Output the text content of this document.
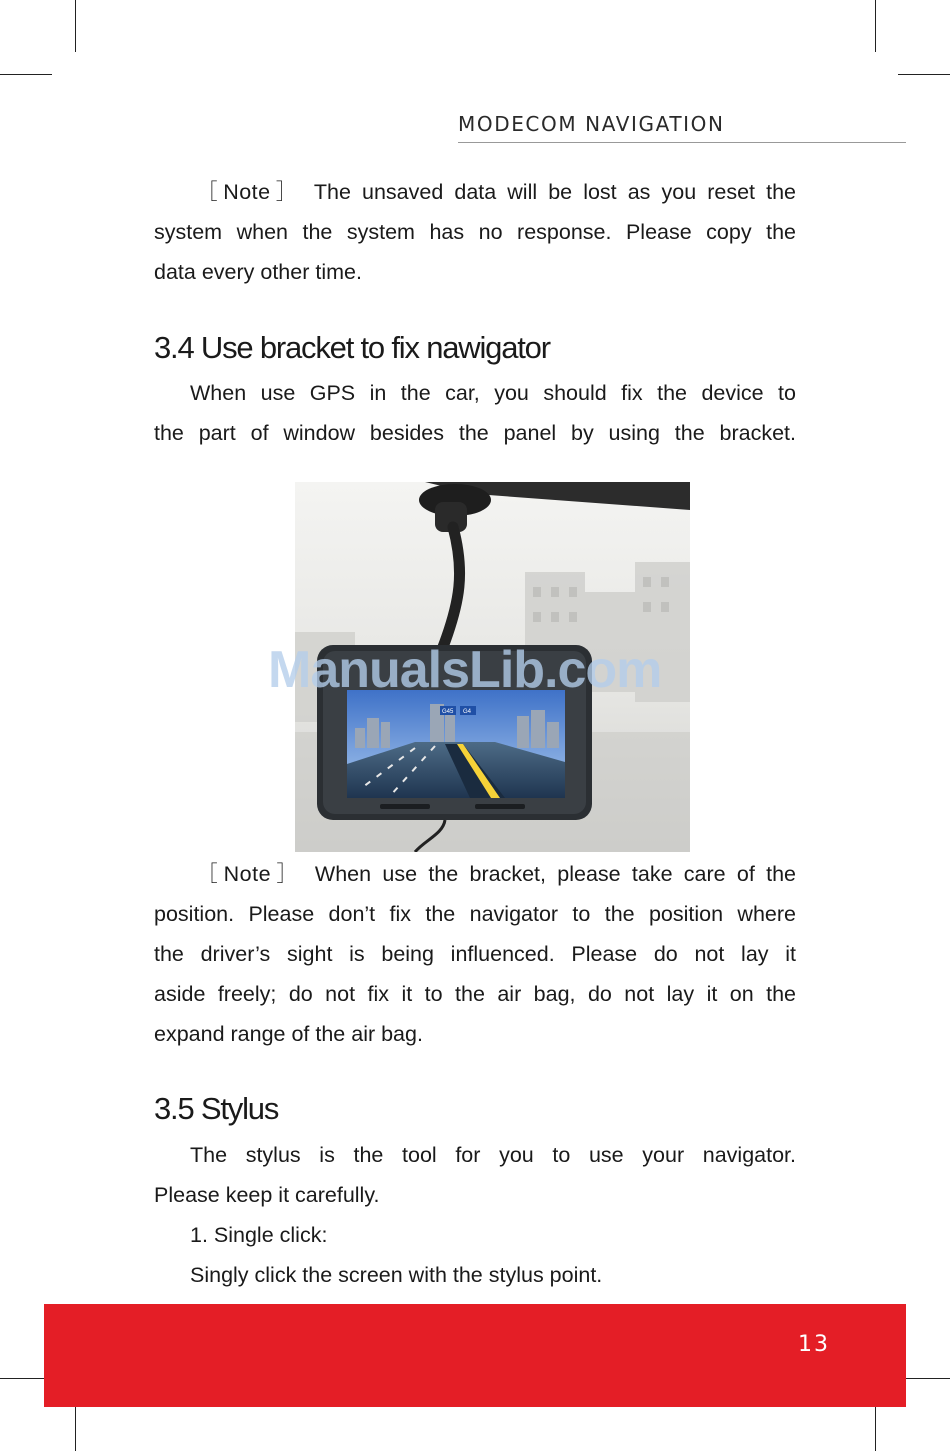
MODECOM NAVIGATION
［Note］ The unsaved data will be lost as you reset the
system when the system has no response. Please copy the
data every other time.
3.4 Use bracket to fix nawigator
When use GPS in the car, you should fix the device to
the part of window besides the panel by using the bracket.
G45 G4
ManualsLib.com
［Note］ When use the bracket, please take care of the
position. Please don’t fix the navigator to the position where
the driver’s sight is being influenced. Please do not lay it
aside freely; do not fix it to the air bag, do not lay it on the
expand range of the air bag.
3.5 Stylus
The stylus is the tool for you to use your navigator.
Please keep it carefully.
1. Single click:
Singly click the screen with the stylus point.
13
